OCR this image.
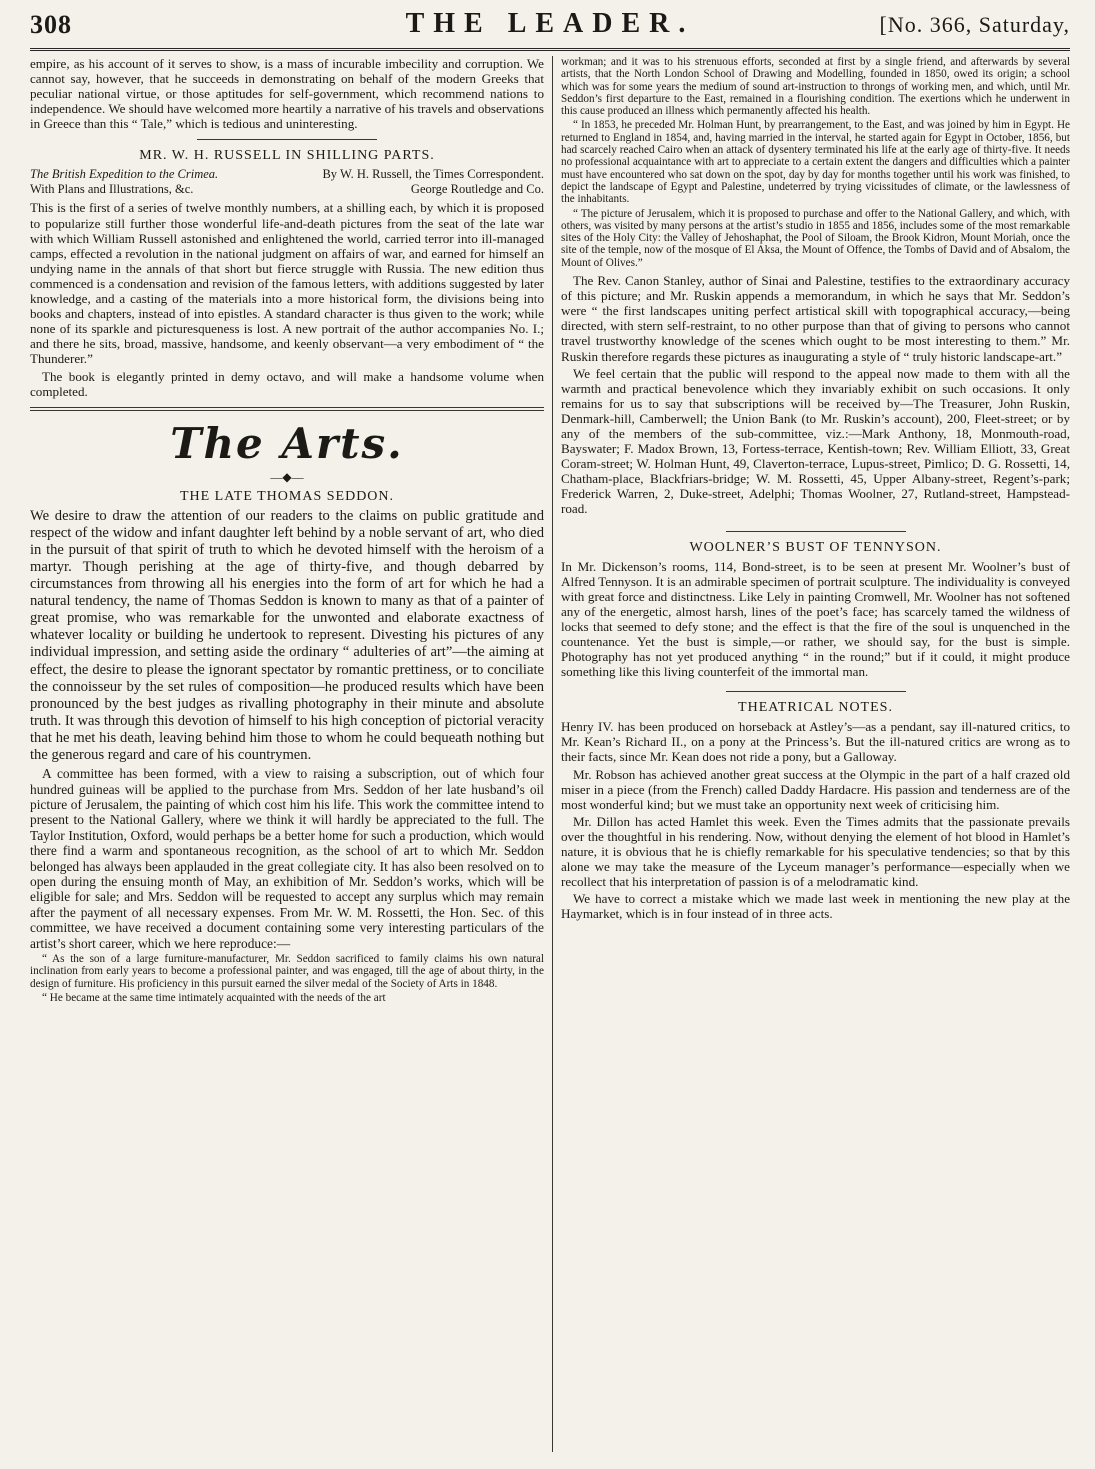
308	THE LEADER.	[No. 366, Saturday,

empire, as his account of it serves to show, is a mass of incurable imbecility and corruption. We cannot say, however, that he succeeds in demonstrating on behalf of the modern Greeks that peculiar national virtue, or those aptitudes for self-government, which recommend nations to independence. We should have welcomed more heartily a narrative of his travels and observations in Greece than this “ Tale,” which is tedious and uninteresting.

MR. W. H. RUSSELL IN SHILLING PARTS.
The British Expedition to the Crimea.	By W. H. Russell, the Times Correspondent.
With Plans and Illustrations, &c.	George Routledge and Co.

This is the first of a series of twelve monthly numbers, at a shilling each, by which it is proposed to popularize still further those wonderful life-and-death pictures from the seat of the late war with which William Russell astonished and enlightened the world, carried terror into ill-managed camps, effected a revolution in the national judgment on affairs of war, and earned for himself an undying name in the annals of that short but fierce struggle with Russia. The new edition thus commenced is a condensation and revision of the famous letters, with additions suggested by later knowledge, and a casting of the materials into a more historical form, the divisions being into books and chapters, instead of into epistles. A standard character is thus given to the work; while none of its sparkle and picturesqueness is lost. A new portrait of the author accompanies No. I.; and there he sits, broad, massive, handsome, and keenly observant—a very embodiment of “ the Thunderer.”

The book is elegantly printed in demy octavo, and will make a handsome volume when completed.

The Arts.
—◆—
THE LATE THOMAS SEDDON.

We desire to draw the attention of our readers to the claims on public gratitude and respect of the widow and infant daughter left behind by a noble servant of art, who died in the pursuit of that spirit of truth to which he devoted himself with the heroism of a martyr. Though perishing at the age of thirty-five, and though debarred by circumstances from throwing all his energies into the form of art for which he had a natural tendency, the name of Thomas Seddon is known to many as that of a painter of great promise, who was remarkable for the unwonted and elaborate exactness of whatever locality or building he undertook to represent. Divesting his pictures of any individual impression, and setting aside the ordinary “ adulteries of art”—the aiming at effect, the desire to please the ignorant spectator by romantic prettiness, or to conciliate the connoisseur by the set rules of composition—he produced results which have been pronounced by the best judges as rivalling photography in their minute and absolute truth. It was through this devotion of himself to his high conception of pictorial veracity that he met his death, leaving behind him those to whom he could bequeath nothing but the generous regard and care of his countrymen.

A committee has been formed, with a view to raising a subscription, out of which four hundred guineas will be applied to the purchase from Mrs. Seddon of her late husband’s oil picture of Jerusalem, the painting of which cost him his life. This work the committee intend to present to the National Gallery, where we think it will hardly be appreciated to the full. The Taylor Institution, Oxford, would perhaps be a better home for such a production, which would there find a warm and spontaneous recognition, as the school of art to which Mr. Seddon belonged has always been applauded in the great collegiate city. It has also been resolved on to open during the ensuing month of May, an exhibition of Mr. Seddon’s works, which will be eligible for sale; and Mrs. Seddon will be requested to accept any surplus which may remain after the payment of all necessary expenses. From Mr. W. M. Rossetti, the Hon. Sec. of this committee, we have received a document containing some very interesting particulars of the artist’s short career, which we here reproduce:—

“ As the son of a large furniture-manufacturer, Mr. Seddon sacrificed to family claims his own natural inclination from early years to become a professional painter, and was engaged, till the age of about thirty, in the design of furniture. His proficiency in this pursuit earned the silver medal of the Society of Arts in 1848.

“ He became at the same time intimately acquainted with the needs of the art

workman; and it was to his strenuous efforts, seconded at first by a single friend, and afterwards by several artists, that the North London School of Drawing and Modelling, founded in 1850, owed its origin; a school which was for some years the medium of sound art-instruction to throngs of working men, and which, until Mr. Seddon’s first departure to the East, remained in a flourishing condition. The exertions which he underwent in this cause produced an illness which permanently affected his health.

“ In 1853, he preceded Mr. Holman Hunt, by prearrangement, to the East, and was joined by him in Egypt. He returned to England in 1854, and, having married in the interval, he started again for Egypt in October, 1856, but had scarcely reached Cairo when an attack of dysentery terminated his life at the early age of thirty-five. It needs no professional acquaintance with art to appreciate to a certain extent the dangers and difficulties which a painter must have encountered who sat down on the spot, day by day for months together until his work was finished, to depict the landscape of Egypt and Palestine, undeterred by trying vicissitudes of climate, or the lawlessness of the inhabitants.

“ The picture of Jerusalem, which it is proposed to purchase and offer to the National Gallery, and which, with others, was visited by many persons at the artist’s studio in 1855 and 1856, includes some of the most remarkable sites of the Holy City: the Valley of Jehoshaphat, the Pool of Siloam, the Brook Kidron, Mount Moriah, once the site of the temple, now of the mosque of El Aksa, the Mount of Offence, the Tombs of David and of Absalom, the Mount of Olives.”

The Rev. Canon Stanley, author of Sinai and Palestine, testifies to the extraordinary accuracy of this picture; and Mr. Ruskin appends a memorandum, in which he says that Mr. Seddon’s were “ the first landscapes uniting perfect artistical skill with topographical accuracy,—being directed, with stern self-restraint, to no other purpose than that of giving to persons who cannot travel trustworthy knowledge of the scenes which ought to be most interesting to them.” Mr. Ruskin therefore regards these pictures as inaugurating a style of “ truly historic landscape-art.”

We feel certain that the public will respond to the appeal now made to them with all the warmth and practical benevolence which they invariably exhibit on such occasions. It only remains for us to say that subscriptions will be received by—The Treasurer, John Ruskin, Denmark-hill, Camberwell; the Union Bank (to Mr. Ruskin’s account), 200, Fleet-street; or by any of the members of the sub-committee, viz.:—Mark Anthony, 18, Monmouth-road, Bayswater; F. Madox Brown, 13, Fortess-terrace, Kentish-town; Rev. William Elliott, 33, Great Coram-street; W. Holman Hunt, 49, Claverton-terrace, Lupus-street, Pimlico; D. G. Rossetti, 14, Chatham-place, Blackfriars-bridge; W. M. Rossetti, 45, Upper Albany-street, Regent’s-park; Frederick Warren, 2, Duke-street, Adelphi; Thomas Woolner, 27, Rutland-street, Hampstead-road.

WOOLNER’S BUST OF TENNYSON.

In Mr. Dickenson’s rooms, 114, Bond-street, is to be seen at present Mr. Woolner’s bust of Alfred Tennyson. It is an admirable specimen of portrait sculpture. The individuality is conveyed with great force and distinctness. Like Lely in painting Cromwell, Mr. Woolner has not softened any of the energetic, almost harsh, lines of the poet’s face; has scarcely tamed the wildness of locks that seemed to defy stone; and the effect is that the fire of the soul is unquenched in the countenance. Yet the bust is simple,—or rather, we should say, for the bust is simple. Photography has not yet produced anything “ in the round;” but if it could, it might produce something like this living counterfeit of the immortal man.

THEATRICAL NOTES.

Henry IV. has been produced on horseback at Astley’s—as a pendant, say ill-natured critics, to Mr. Kean’s Richard II., on a pony at the Princess’s. But the ill-natured critics are wrong as to their facts, since Mr. Kean does not ride a pony, but a Galloway.

Mr. Robson has achieved another great success at the Olympic in the part of a half crazed old miser in a piece (from the French) called Daddy Hardacre. His passion and tenderness are of the most wonderful kind; but we must take an opportunity next week of criticising him.

Mr. Dillon has acted Hamlet this week. Even the Times admits that the passionate prevails over the thoughtful in his rendering. Now, without denying the element of hot blood in Hamlet’s nature, it is obvious that he is chiefly remarkable for his speculative tendencies; so that by this alone we may take the measure of the Lyceum manager’s performance—especially when we recollect that his interpretation of passion is of a melodramatic kind.

We have to correct a mistake which we made last week in mentioning the new play at the Haymarket, which is in four instead of in three acts.
